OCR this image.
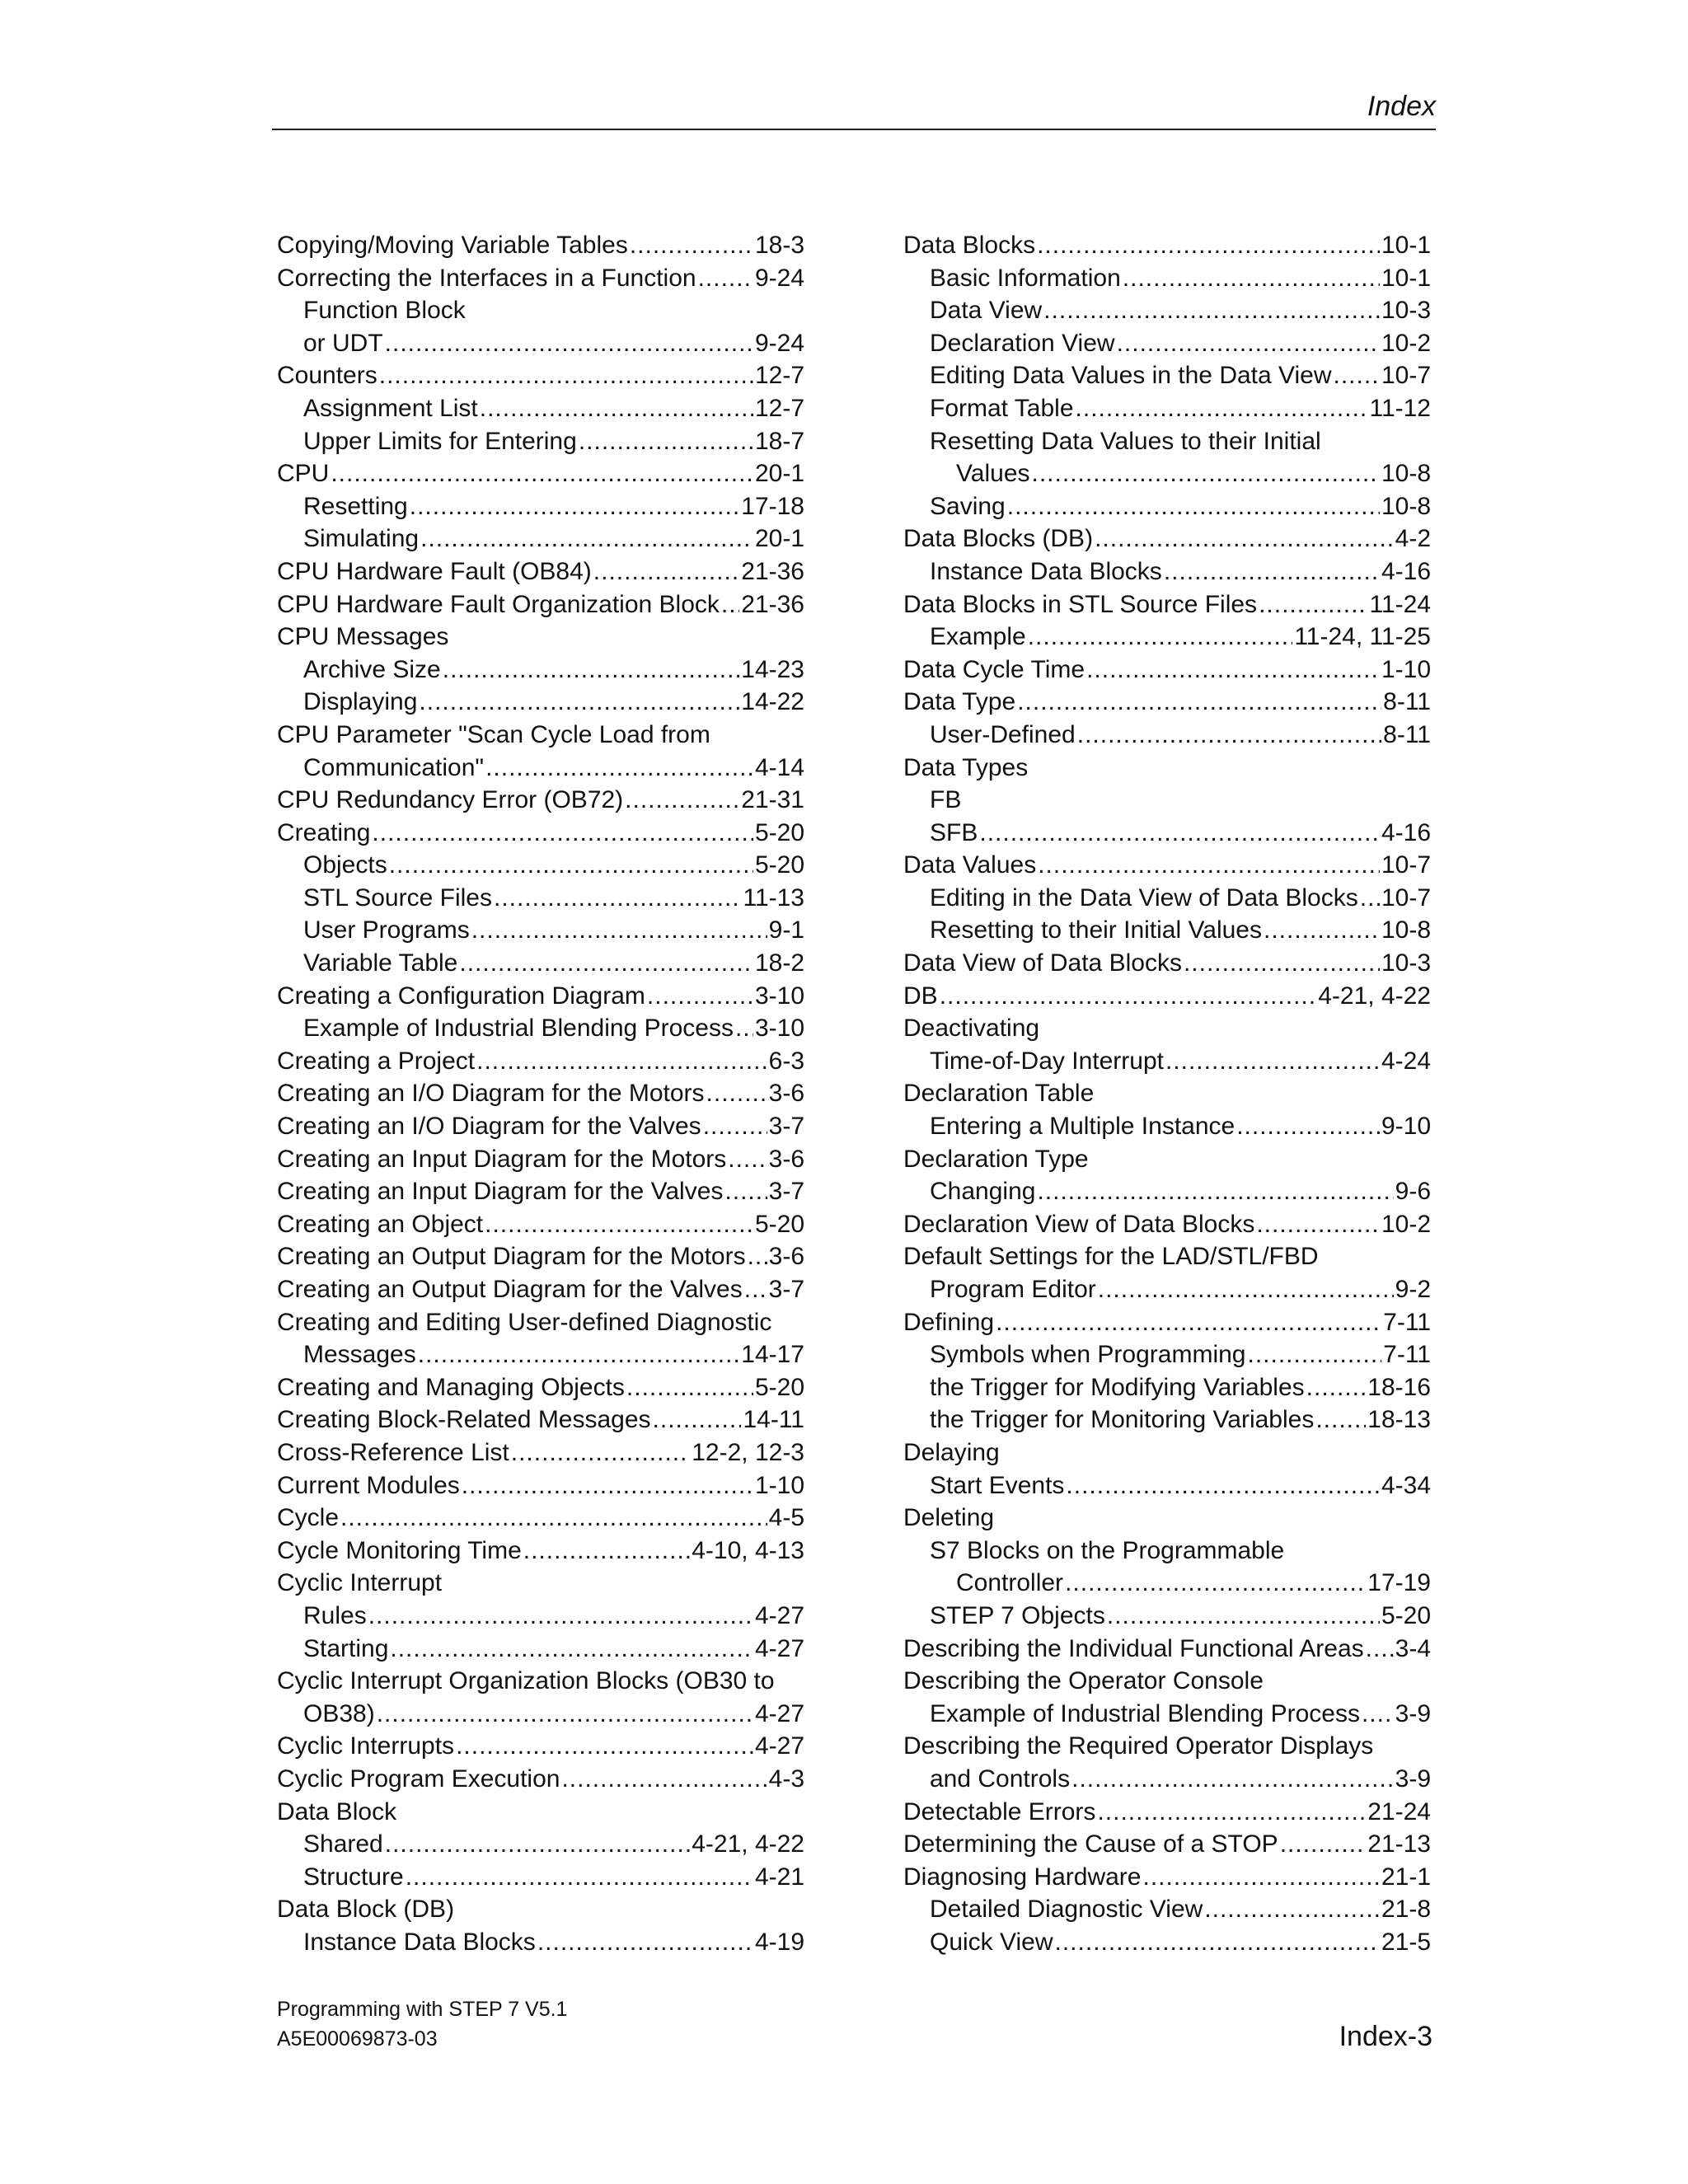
Index
Copying/Moving Variable Tables .....	18-3
Correcting the Interfaces in a Function ..... 9-24
Function Block
or UDT .....	9-24
Counters .....	12-7
Assignment List .....	12-7
Upper Limits for Entering .....	18-7
CPU .....	20-1
Resetting .....	17-18
Simulating .....	20-1
CPU Hardware Fault (OB84) .....	21-36
CPU Hardware Fault Organization Block ..... 21-36
CPU Messages
Archive Size .....	14-23
Displaying .....	14-22
CPU Parameter "Scan Cycle Load from
Communication" .....	4-14
CPU Redundancy Error (OB72) .....	21-31
Creating .....	5-20
Objects .....	5-20
STL Source Files .....	11-13
User Programs .....	9-1
Variable Table .....	18-2
Creating a Configuration Diagram .....	3-10
Example of Industrial Blending Process ..... 3-10
Creating a Project .....	6-3
Creating an I/O Diagram for the Motors .....	3-6
Creating an I/O Diagram for the Valves .....	3-7
Creating an Input Diagram for the Motors ..... 3-6
Creating an Input Diagram for the Valves ..... 3-7
Creating an Object .....	5-20
Creating an Output Diagram for the Motors ..... 3-6
Creating an Output Diagram for the Valves ..... 3-7
Creating and Editing User-defined Diagnostic
Messages .....	14-17
Creating and Managing Objects .....	5-20
Creating Block-Related Messages .....	14-11
Cross-Reference List .....	12-2, 12-3
Current Modules .....	1-10
Cycle .....	4-5
Cycle Monitoring Time .....	4-10, 4-13
Cyclic Interrupt
Rules .....	4-27
Starting .....	4-27
Cyclic Interrupt Organization Blocks (OB30 to
OB38) .....	4-27
Cyclic Interrupts .....	4-27
Cyclic Program Execution .....	4-3
Data Block
Shared .....	4-21, 4-22
Structure .....	4-21
Data Block (DB)
Instance Data Blocks .....	4-19
Data Blocks .....	10-1
Basic Information .....	10-1
Data View .....	10-3
Declaration View .....	10-2
Editing Data Values in the Data View ..... 10-7
Format Table .....	11-12
Resetting Data Values to their Initial
Values .....	10-8
Saving .....	10-8
Data Blocks (DB) .....	4-2
Instance Data Blocks .....	4-16
Data Blocks in STL Source Files .....	11-24
Example .....	11-24, 11-25
Data Cycle Time .....	1-10
Data Type .....	8-11
User-Defined .....	8-11
Data Types
FB
SFB .....	4-16
Data Values .....	10-7
Editing in the Data View of Data Blocks ..... 10-7
Resetting to their Initial Values .....	10-8
Data View of Data Blocks .....	10-3
DB .....	4-21, 4-22
Deactivating
Time-of-Day Interrupt .....	4-24
Declaration Table
Entering a Multiple Instance .....	9-10
Declaration Type
Changing .....	9-6
Declaration View of Data Blocks .....	10-2
Default Settings for the LAD/STL/FBD
Program Editor .....	9-2
Defining .....	7-11
Symbols when Programming .....	7-11
the Trigger for Modifying Variables .....	18-16
the Trigger for Monitoring Variables ..... 18-13
Delaying
Start Events .....	4-34
Deleting
S7 Blocks on the Programmable
Controller .....	17-19
STEP 7 Objects .....	5-20
Describing the Individual Functional Areas ..... 3-4
Describing the Operator Console
Example of Industrial Blending Process ..... 3-9
Describing the Required Operator Displays
and Controls .....	3-9
Detectable Errors .....	21-24
Determining the Cause of a STOP .....	21-13
Diagnosing Hardware .....	21-1
Detailed Diagnostic View .....	21-8
Quick View .....	21-5
Programming with STEP 7 V5.1
A5E00069873-03	Index-3
